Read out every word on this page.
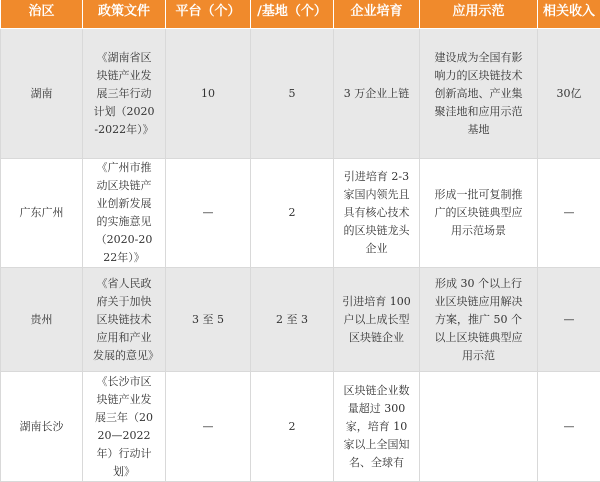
治区	政策文件	平台（个）	/基地（个）	企业培育	应用示范	相关收入
湖南	《湖南省区块链产业发展三年行动计划（2020-2022年）》	10	5	3 万企业上链	建设成为全国有影响力的区块链技术创新高地、产业集聚洼地和应用示范基地	30亿
广东广州	《广州市推动区块链产业创新发展的实施意见（2020-2022年）》	—	2	引进培育 2-3 家国内领先且具有核心技术的区块链龙头企业	形成一批可复制推广的区块链典型应用示范场景	—
贵州	《省人民政府关于加快区块链技术应用和产业发展的意见》	3 至 5	2 至 3	引进培育 100 户以上成长型区块链企业	形成 30 个以上行业区块链应用解决方案，推广 50 个以上区块链典型应用示范	—
湖南长沙	《长沙市区块链产业发展三年（2020—2022年）行动计划》	—	2	区块链企业数量超过 300 家，培育 10 家以上全国知名、全球有		—
